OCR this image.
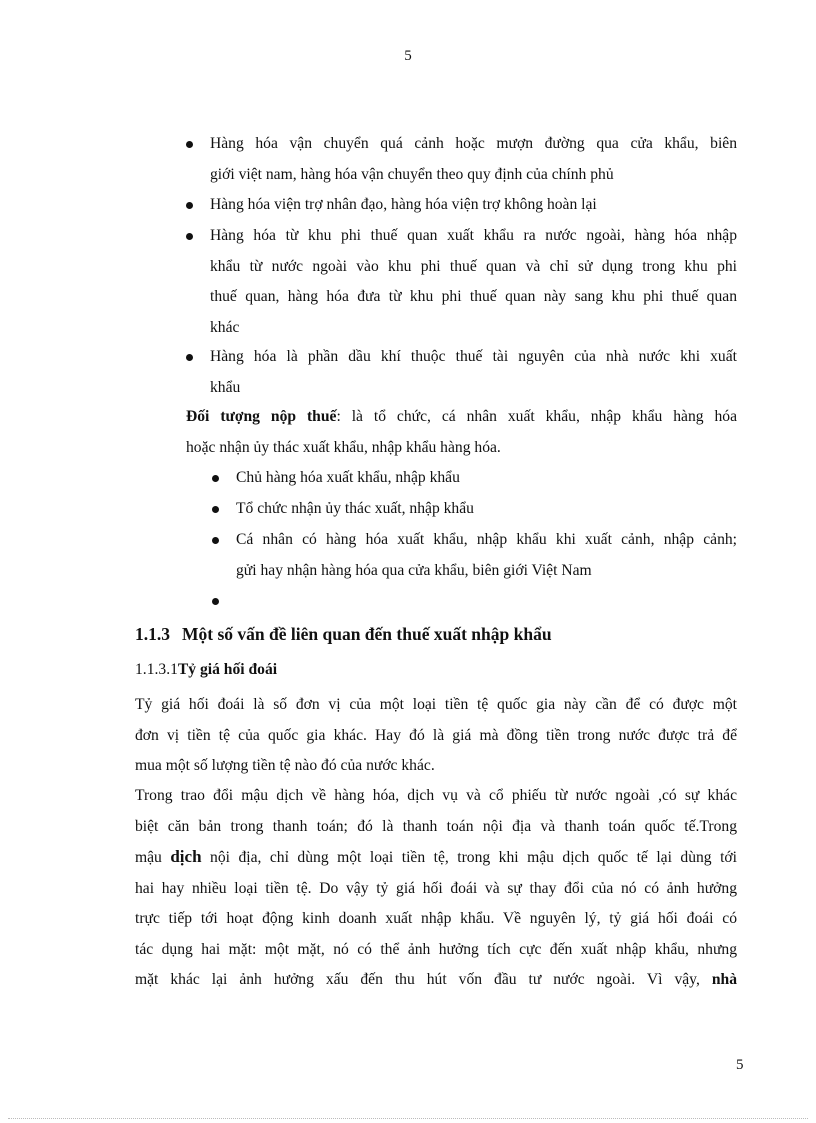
5
Hàng hóa vận chuyển quá cảnh hoặc mượn đường qua cửa khẩu, biên
giới việt nam, hàng hóa vận chuyển theo quy định của chính phủ
Hàng hóa viện trợ nhân đạo, hàng hóa viện trợ không hoàn lại
Hàng hóa từ khu phi thuế quan xuất khẩu ra nước ngoài, hàng hóa nhập
khẩu từ nước ngoài vào khu phi thuế quan và chỉ sử dụng trong khu phi
thuế quan, hàng hóa đưa từ khu phi thuế quan này sang khu phi thuế quan
khác
Hàng hóa là phần dầu khí thuộc thuế tài nguyên của nhà nước khi xuất
khẩu
Đối tượng nộp thuế: là tổ chức, cá nhân xuất khẩu, nhập khẩu hàng hóa
hoặc nhận ủy thác xuất khẩu, nhập khẩu hàng hóa.
Chủ hàng hóa xuất khẩu, nhập khẩu
Tổ chức nhận ủy thác xuất, nhập khẩu
Cá nhân có hàng hóa xuất khẩu, nhập khẩu khi xuất cảnh, nhập cảnh;
gửi hay nhận hàng hóa qua cửa khẩu, biên giới Việt Nam

1.1.3 Một số vấn đề liên quan đến thuế xuất nhập khẩu
1.1.3.1Tỷ giá hối đoái
Tỷ giá hối đoái là số đơn vị của một loại tiền tệ quốc gia này cần để có được một
đơn vị tiền tệ của quốc gia khác. Hay đó là giá mà đồng tiền trong nước được trả để
mua một số lượng tiền tệ nào đó của nước khác.
Trong trao đổi mậu dịch về hàng hóa, dịch vụ và cổ phiếu từ nước ngoài ,có sự khác
biệt căn bản trong thanh toán; đó là thanh toán nội địa và thanh toán quốc tế.Trong
mậu dịch nội địa, chỉ dùng một loại tiền tệ, trong khi mậu dịch quốc tế lại dùng tới
hai hay nhiều loại tiền tệ. Do vậy tỷ giá hối đoái và sự thay đổi của nó có ảnh hưởng
trực tiếp tới hoạt động kinh doanh xuất nhập khẩu. Về nguyên lý, tỷ giá hối đoái có
tác dụng hai mặt: một mặt, nó có thể ảnh hưởng tích cực đến xuất nhập khẩu, nhưng
mặt khác lại ảnh hưởng xấu đến thu hút vốn đầu tư nước ngoài. Vì vậy, nhà
5
